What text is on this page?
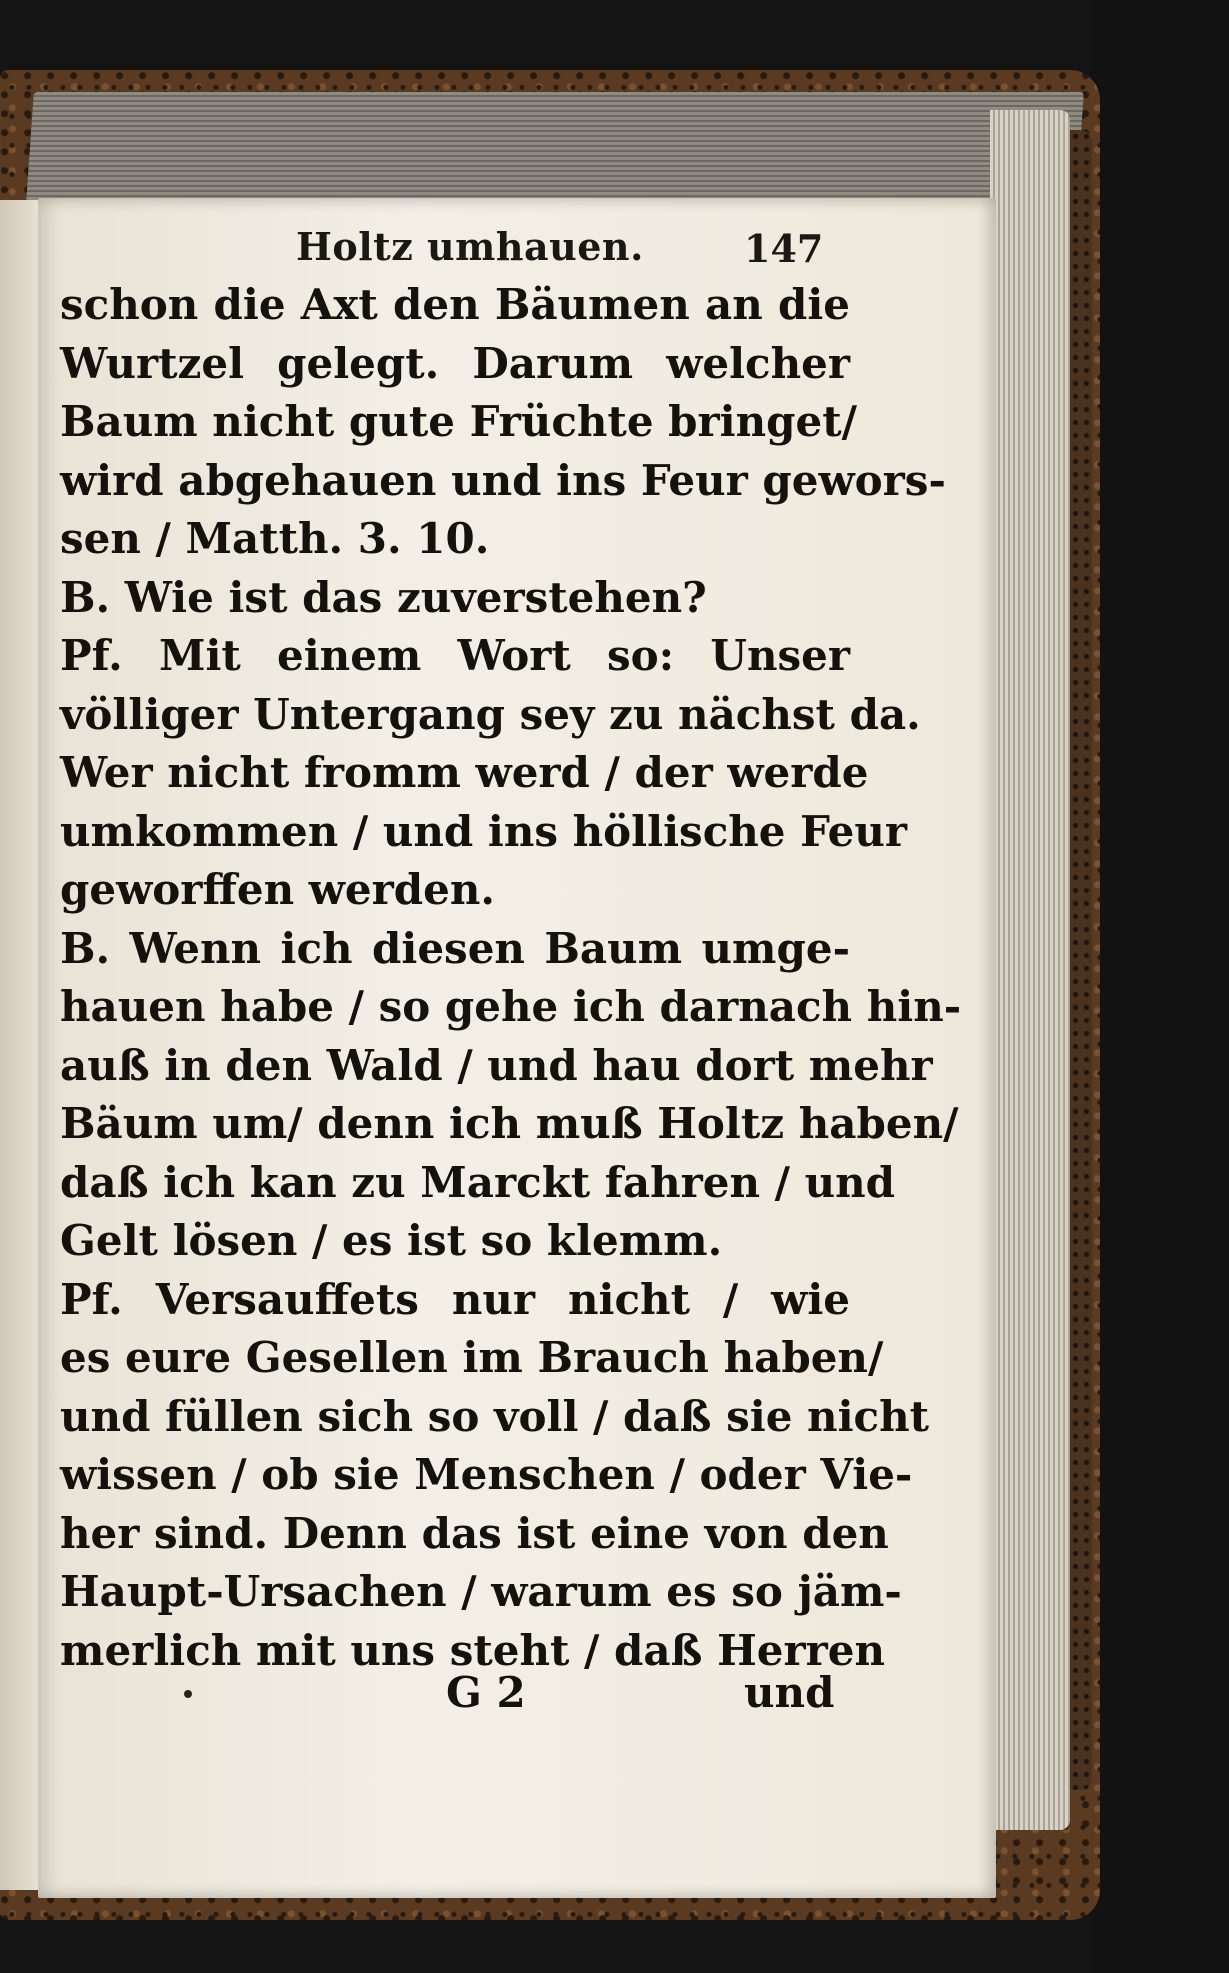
Holtz umhauen.	147
schon die Axt den Bäumen an die
Wurtzel gelegt. Darum welcher
Baum nicht gute Früchte bringet/
wird abgehauen und ins Feur gewors-
sen / Matth. 3. 10.
B. Wie ist das zuverstehen?
Pf. Mit einem Wort so: Unser
völliger Untergang sey zu nächst da.
Wer nicht fromm werd / der werde
umkommen / und ins höllische Feur
geworffen werden.
B. Wenn ich diesen Baum umge-
hauen habe / so gehe ich darnach hin-
auß in den Wald / und hau dort mehr
Bäum um/ denn ich muß Holtz haben/
daß ich kan zu Marckt fahren / und
Gelt lösen / es ist so klemm.
Pf. Versauffets nur nicht / wie
es eure Gesellen im Brauch haben/
und füllen sich so voll / daß sie nicht
wissen / ob sie Menschen / oder Vie-
her sind. Denn das ist eine von den
Haupt-Ursachen / warum es so jäm-
merlich mit uns steht / daß Herren
G 2	und
